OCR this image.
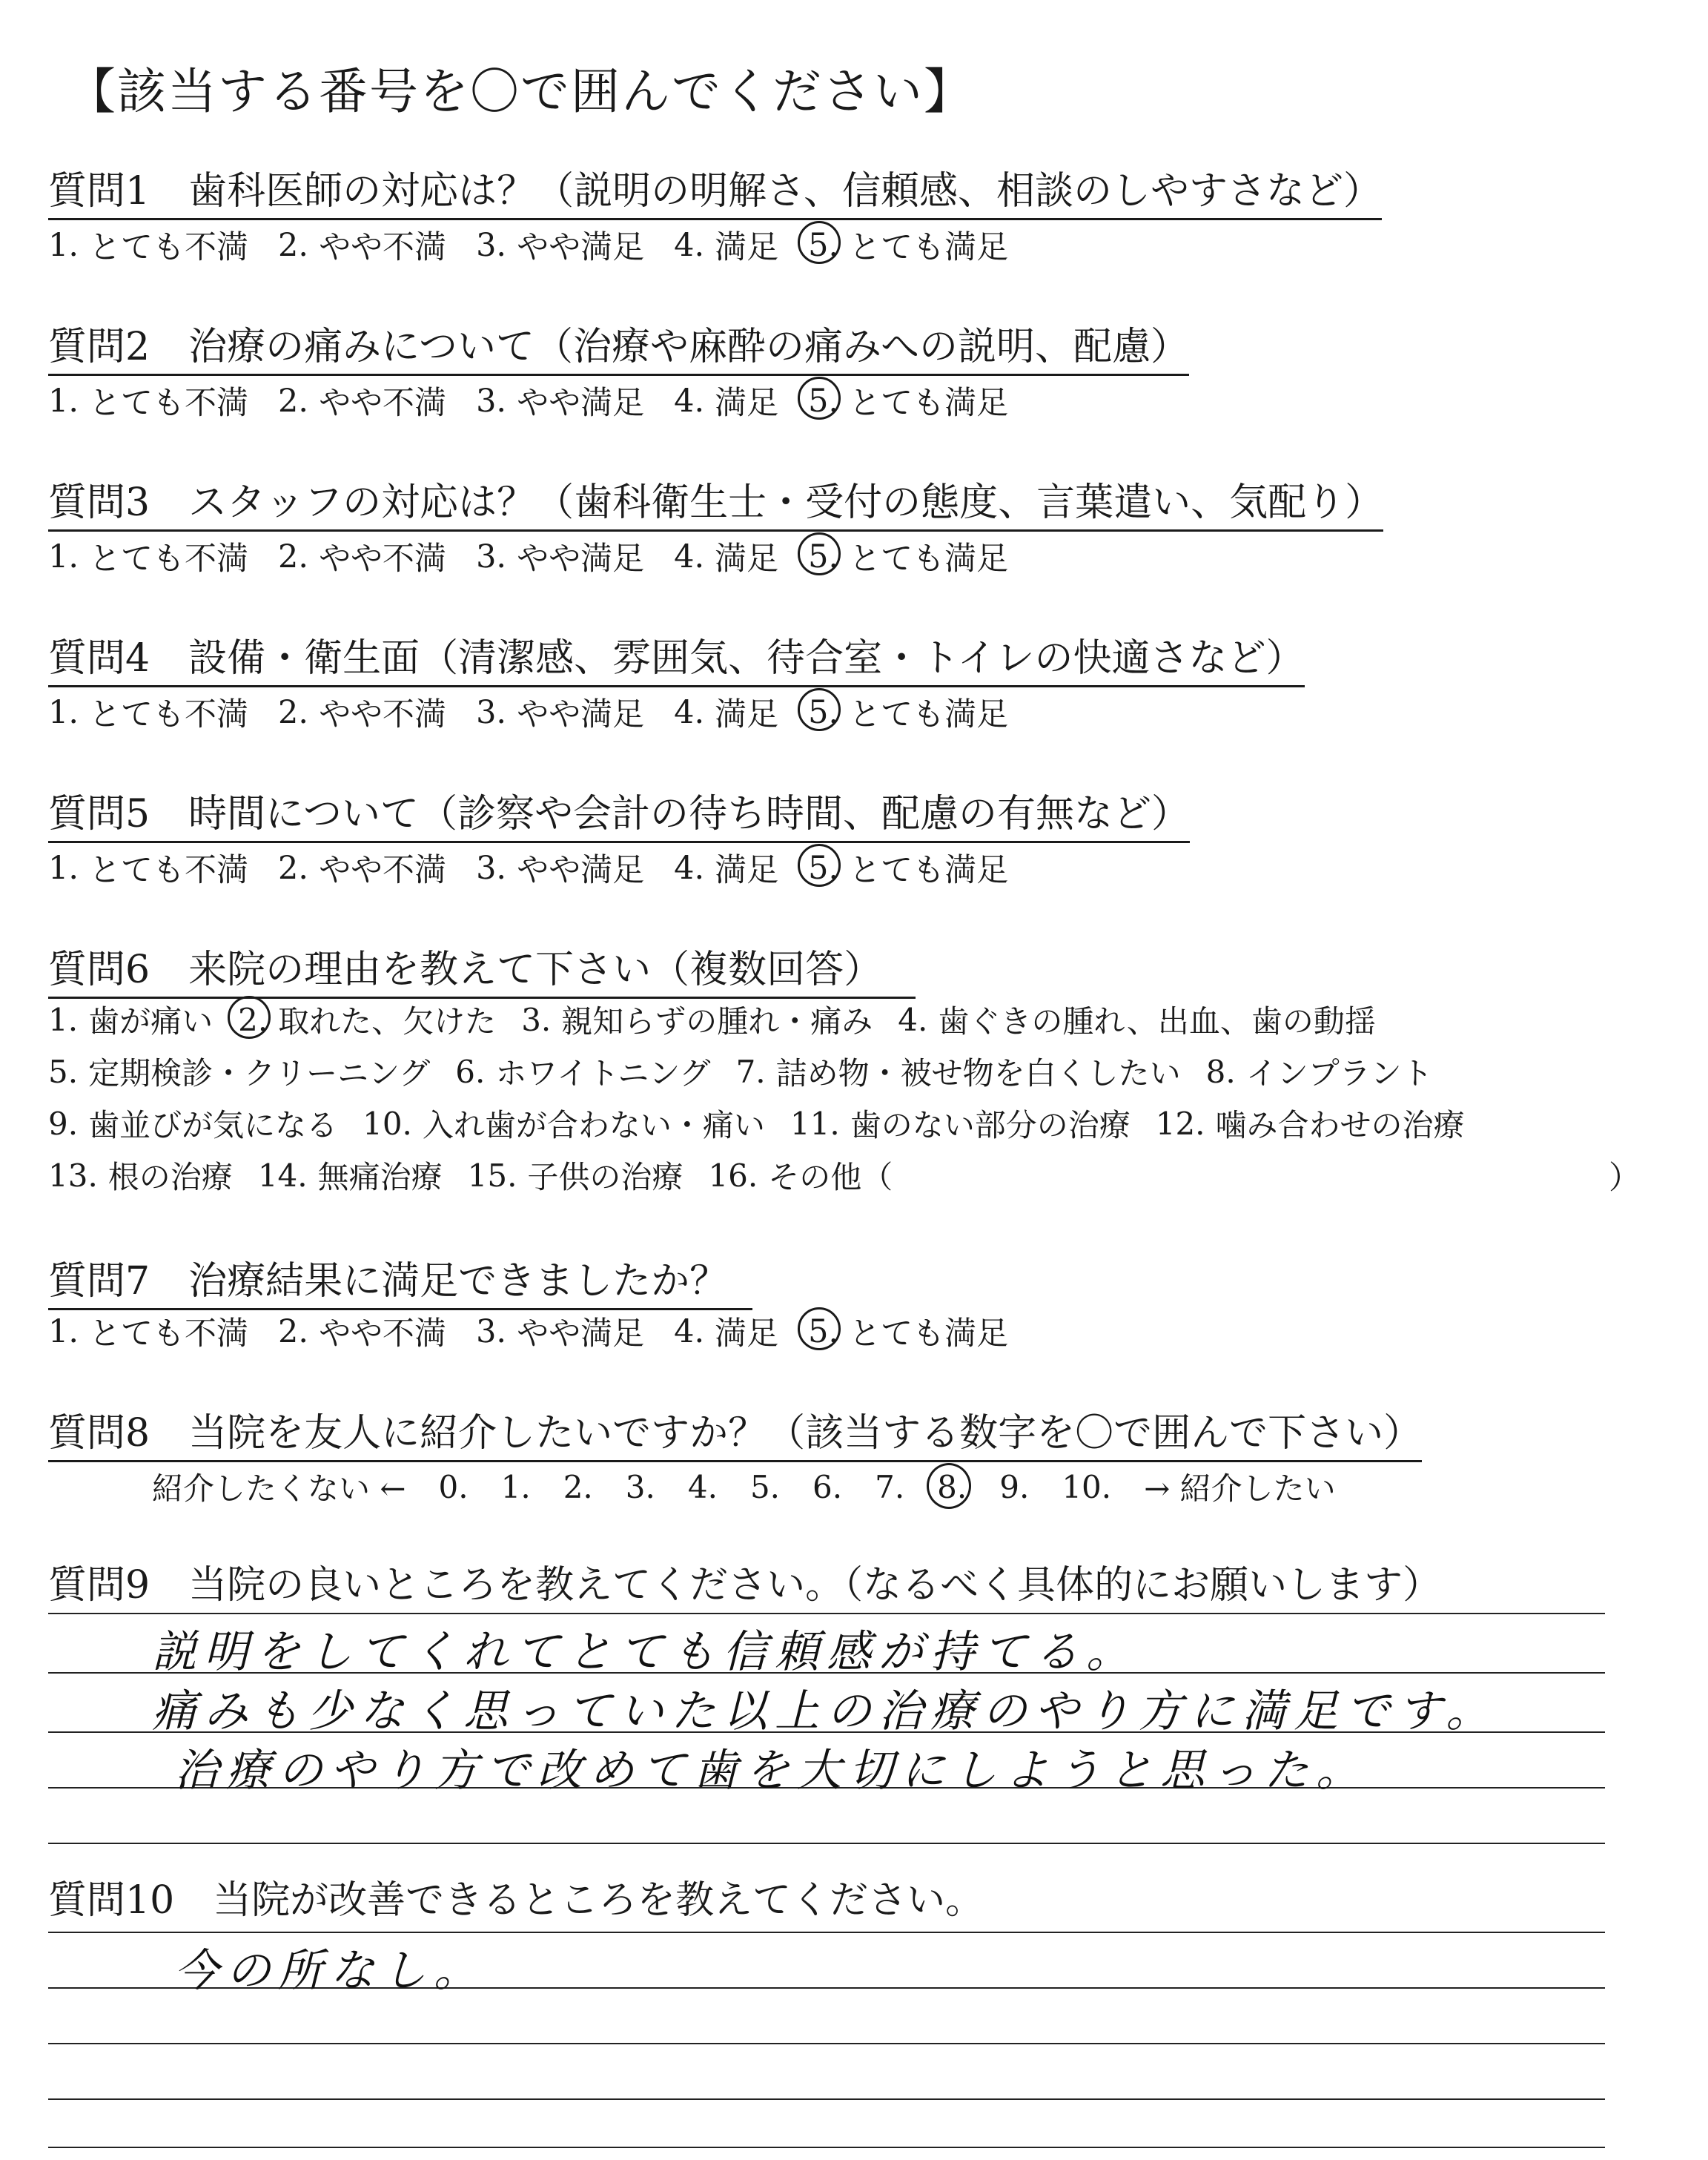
【該当する番号を〇で囲んでください】
質問1　歯科医師の対応は？（説明の明解さ、信頼感、相談のしやすさなど）
1. とても不満 2. やや不満 3. やや満足 4. 満足 5. とても満足
質問2　治療の痛みについて（治療や麻酔の痛みへの説明、配慮）
1. とても不満 2. やや不満 3. やや満足 4. 満足 5. とても満足
質問3　スタッフの対応は？（歯科衛生士・受付の態度、言葉遣い、気配り）
1. とても不満 2. やや不満 3. やや満足 4. 満足 5. とても満足
質問4　設備・衛生面（清潔感、雰囲気、待合室・トイレの快適さなど）
1. とても不満 2. やや不満 3. やや満足 4. 満足 5. とても満足
質問5　時間について（診察や会計の待ち時間、配慮の有無など）
1. とても不満 2. やや不満 3. やや満足 4. 満足 5. とても満足
質問6　来院の理由を教えて下さい（複数回答）
1. 歯が痛い 2. 取れた、欠けた 3. 親知らずの腫れ・痛み 4. 歯ぐきの腫れ、出血、歯の動揺
5. 定期検診・クリーニング 6. ホワイトニング 7. 詰め物・被せ物を白くしたい 8. インプラント
9. 歯並びが気になる 10. 入れ歯が合わない・痛い 11. 歯のない部分の治療 12. 噛み合わせの治療
13. 根の治療 14. 無痛治療 15. 子供の治療 16. その他（	）
質問7　治療結果に満足できましたか？
1. とても不満 2. やや不満 3. やや満足 4. 満足 5. とても満足
質問8　当院を友人に紹介したいですか？（該当する数字を〇で囲んで下さい）
紹介したくない ← 0. 1. 2. 3. 4. 5. 6. 7. 8. 9. 10. → 紹介したい
質問9　当院の良いところを教えてください。（なるべく具体的にお願いします）
説明をしてくれてとても信頼感が持てる。
痛みも少なく思っていた以上の治療のやり方に満足です。
治療のやり方で改めて歯を大切にしようと思った。
質問10　当院が改善できるところを教えてください。
今の所なし。
